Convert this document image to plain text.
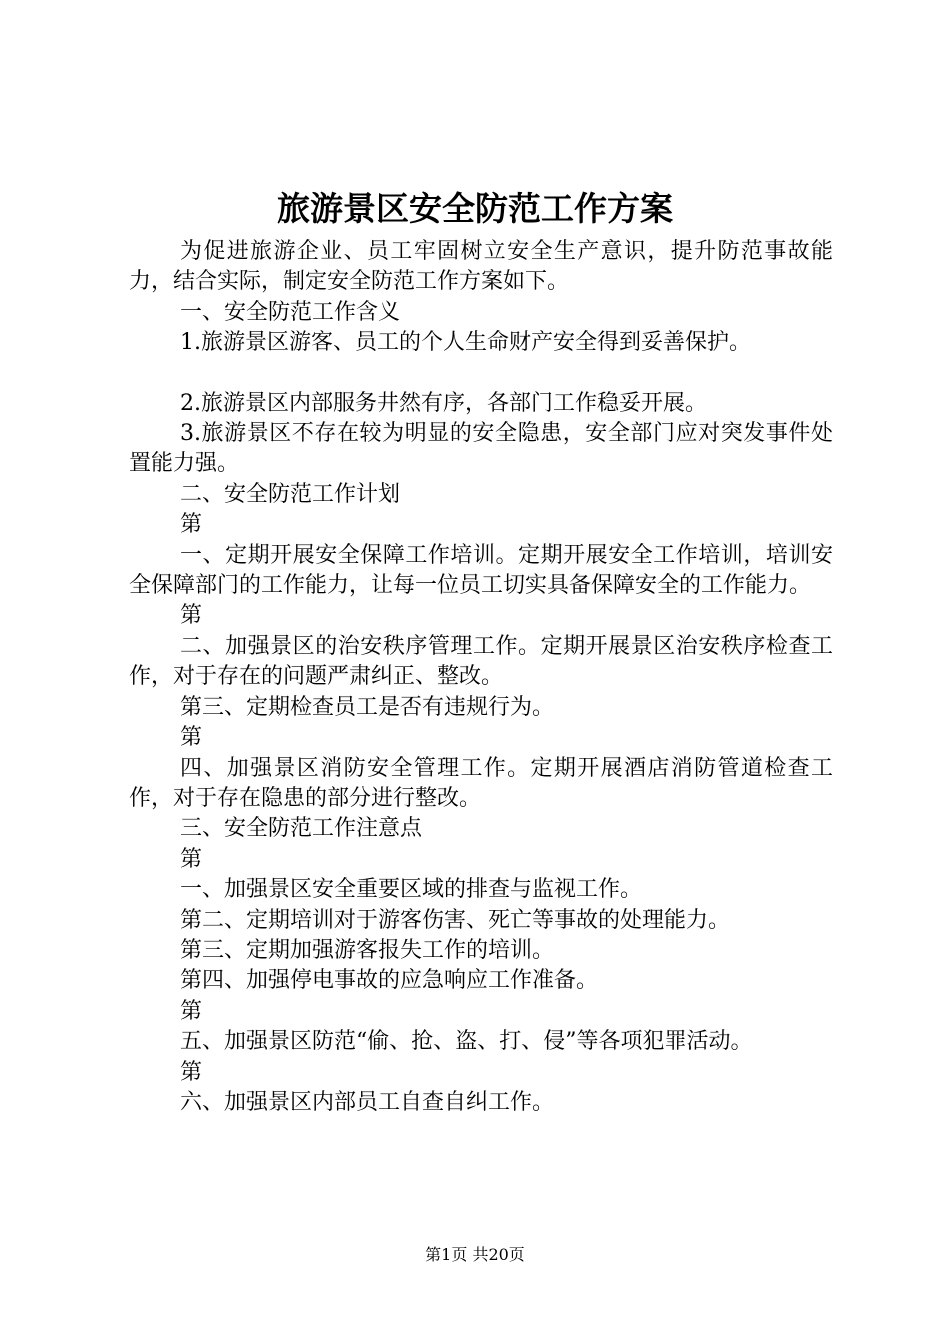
旅游景区安全防范工作方案

为促进旅游企业、员工牢固树立安全生产意识，提升防范事故能力，结合实际，制定安全防范工作方案如下。

一、安全防范工作含义

1.旅游景区游客、员工的个人生命财产安全得到妥善保护。

2.旅游景区内部服务井然有序，各部门工作稳妥开展。

3.旅游景区不存在较为明显的安全隐患，安全部门应对突发事件处置能力强。

二、安全防范工作计划

第

一、定期开展安全保障工作培训。定期开展安全工作培训，培训安全保障部门的工作能力，让每一位员工切实具备保障安全的工作能力。

第

二、加强景区的治安秩序管理工作。定期开展景区治安秩序检查工作，对于存在的问题严肃纠正、整改。

第三、定期检查员工是否有违规行为。

第

四、加强景区消防安全管理工作。定期开展酒店消防管道检查工作，对于存在隐患的部分进行整改。

三、安全防范工作注意点

第

一、加强景区安全重要区域的排查与监视工作。

第二、定期培训对于游客伤害、死亡等事故的处理能力。

第三、定期加强游客报失工作的培训。

第四、加强停电事故的应急响应工作准备。

第

五、加强景区防范“偷、抢、盗、打、侵”等各项犯罪活动。

第

六、加强景区内部员工自查自纠工作。

第1页 共20页
